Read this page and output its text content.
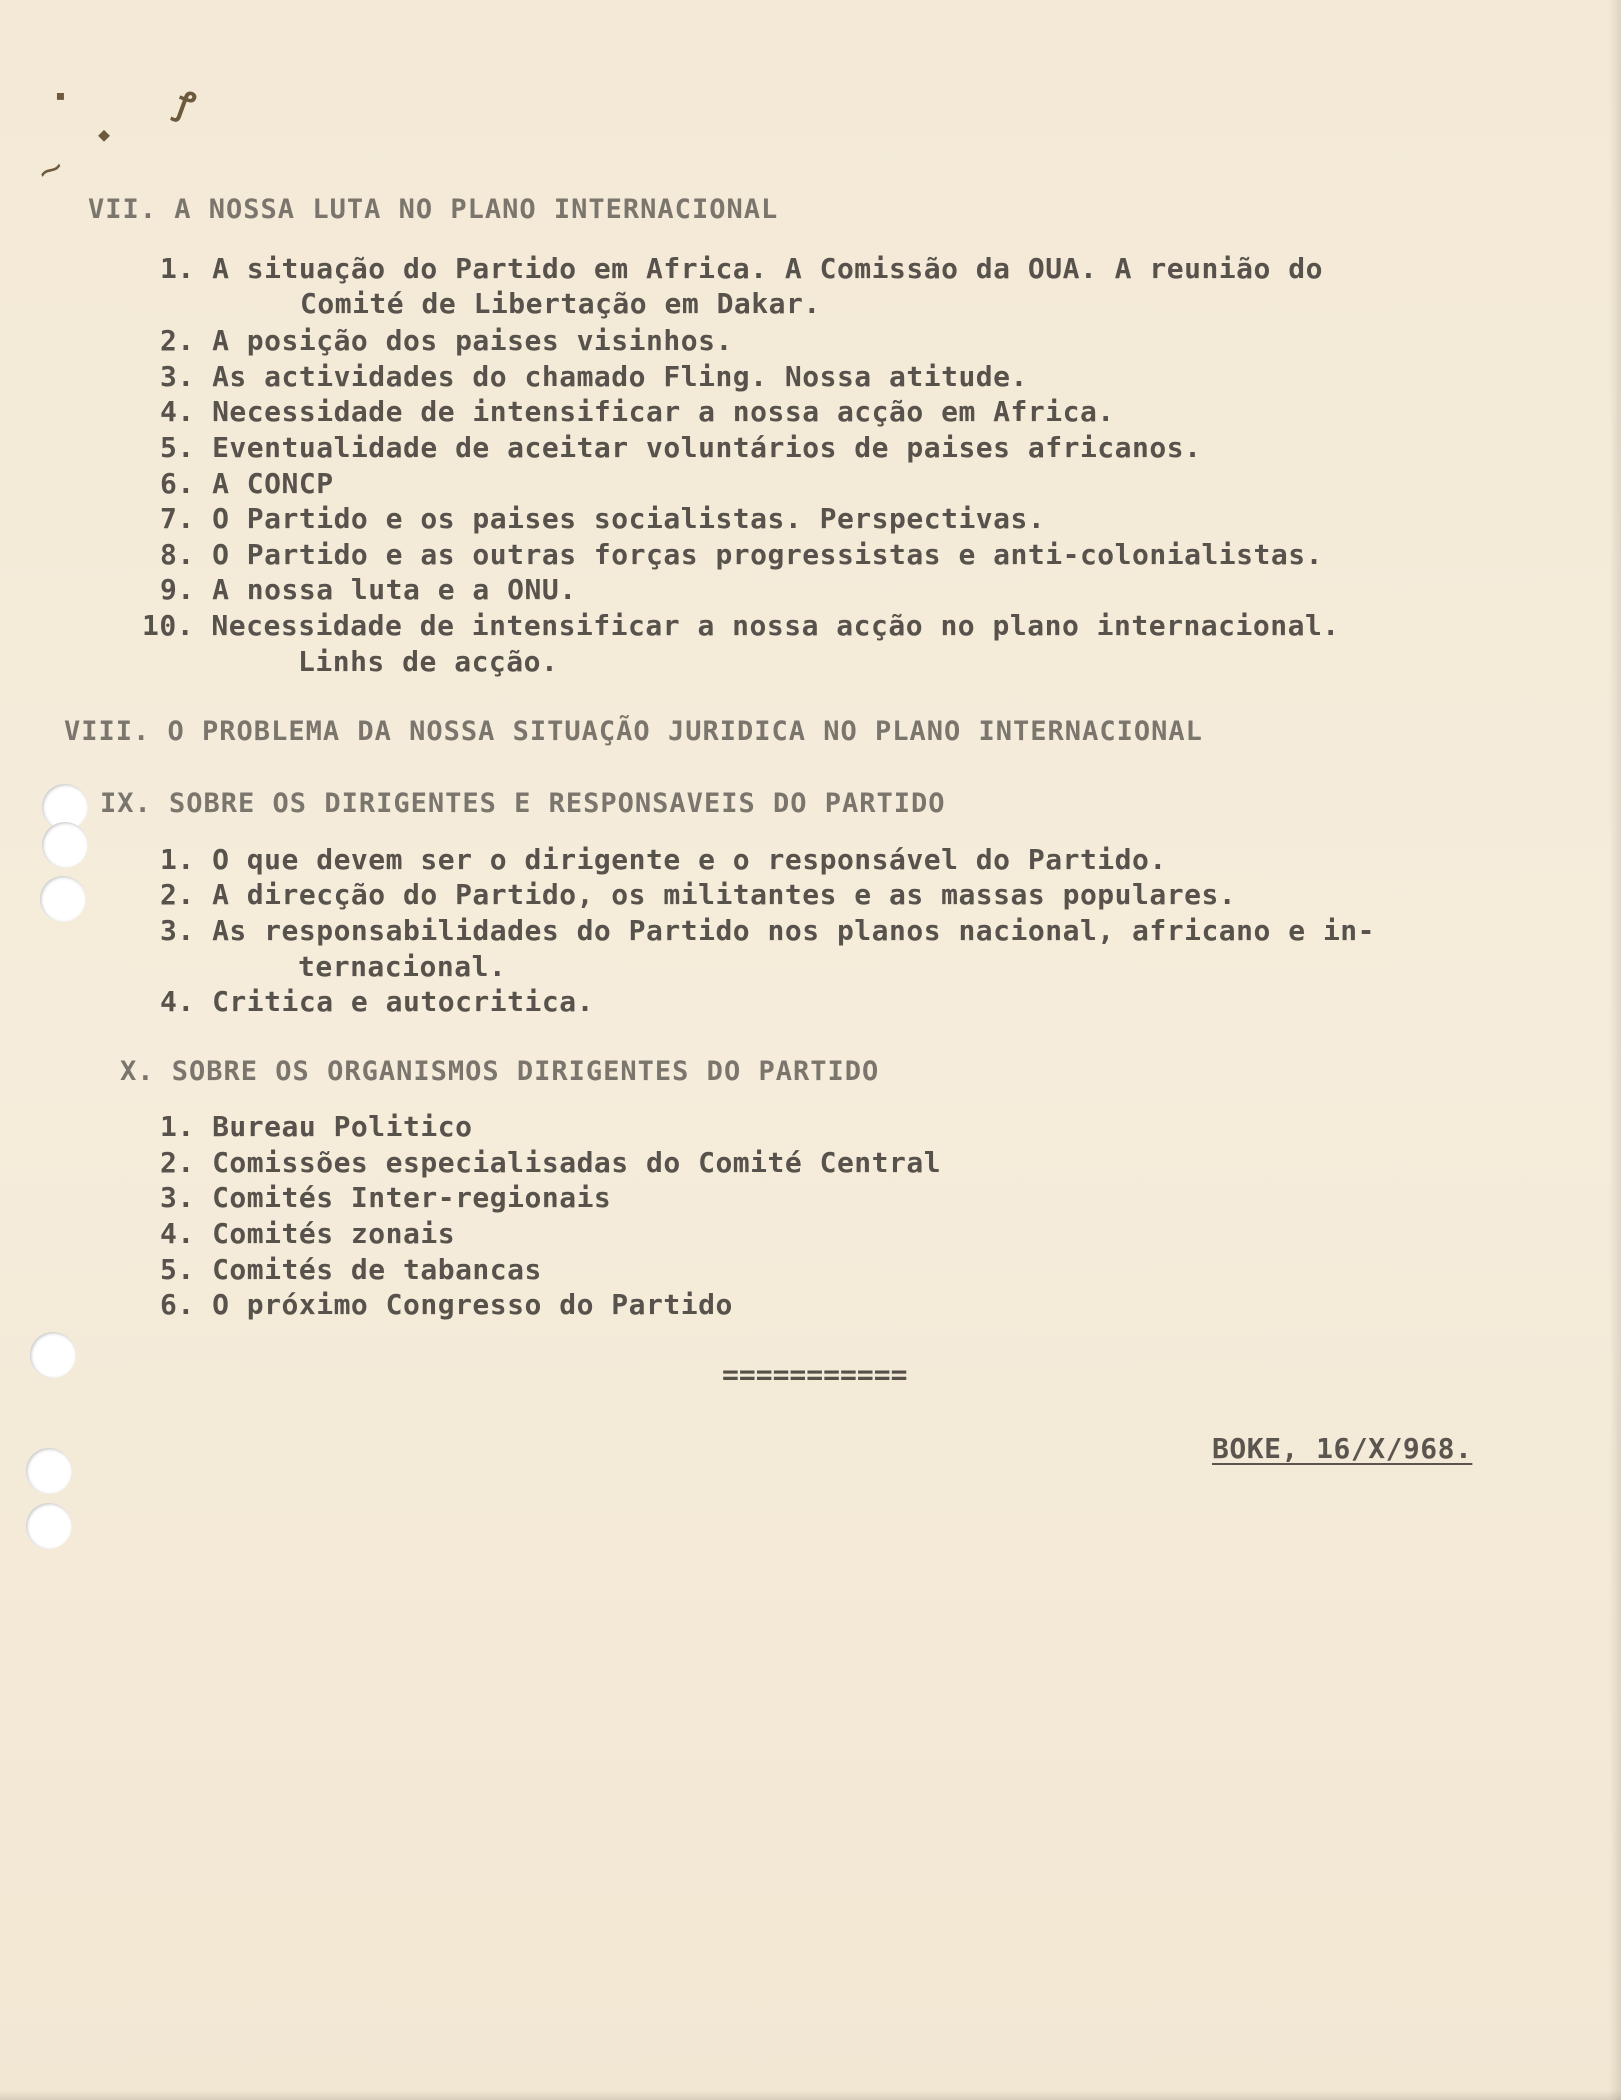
▪	ꝭ
◆
⁓
VII. A NOSSA LUTA NO PLANO INTERNACIONAL
1. A situação do Partido em Africa. A Comissão da OUA. A reunião do
Comité de Libertação em Dakar.
2. A posição dos paises visinhos.
3. As actividades do chamado Fling. Nossa atitude.
4. Necessidade de intensificar a nossa acção em Africa.
5. Eventualidade de aceitar voluntários de paises africanos.
6. A CONCP
7. O Partido e os paises socialistas. Perspectivas.
8. O Partido e as outras forças progressistas e anti-colonialistas.
9. A nossa luta e a ONU.
10. Necessidade de intensificar a nossa acção no plano internacional.
Linhs de acção.
VIII. O PROBLEMA DA NOSSA SITUAÇÃO JURIDICA NO PLANO INTERNACIONAL
IX. SOBRE OS DIRIGENTES E RESPONSAVEIS DO PARTIDO
1. O que devem ser o dirigente e o responsável do Partido.
2. A direcção do Partido, os militantes e as massas populares.
3. As responsabilidades do Partido nos planos nacional, africano e in-
ternacional.
4. Critica e autocritica.
X. SOBRE OS ORGANISMOS DIRIGENTES DO PARTIDO
1. Bureau Politico
2. Comissões especialisadas do Comité Central
3. Comités Inter-regionais
4. Comités zonais
5. Comités de tabancas
6. O próximo Congresso do Partido
===========
BOKE, 16/X/968.
